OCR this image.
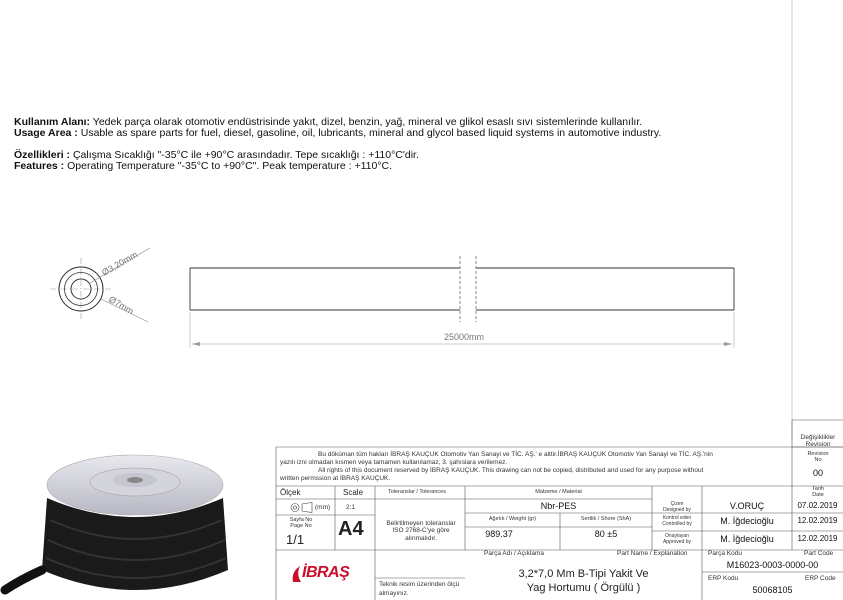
Kullanım Alanı: Yedek parça olarak otomotiv endüstrisinde yakıt, dizel, benzin, yağ, mineral ve glikol esaslı sıvı sistemlerinde kullanılır.
Usage Area : Usable as spare parts for fuel, diesel, gasoline, oil, lubricants, mineral and glycol based liquid systems in automotive industry.
Özellikleri : Çalışma Sıcaklığı "-35°C ile +90°C arasındadır. Tepe sıcaklığı : +110°C'dir.
Features : Operating Temperature "-35°C to +90°C". Peak temperature : +110°C.
Ø3,20mm
Ø7mm
25000mm
Değişiklikler
Revision
Revision
No
00
Tarih
Date
Bu döküman tüm hakları İBRAŞ KAUÇUK Otomotiv Yan Sanayi ve TİC. AŞ.' e aittir.İBRAŞ KAUÇUK Otomotiv Yan Sanayi ve TİC. AŞ.'nin
yazılı izni olmadan kısmen veya tamamen kullanılamaz, 3. şahıslara verilemez.
All rights of this document reserved by İBRAŞ KAUÇUK. This drawing can not be copied, distributed and used for any purpose without
written permssion at İBRAŞ KAUÇUK.
Ölçek	Scale
(mm) 2:1
Sayfa No
Page No
1/1 A4
Toleranslar / Tolerances
Belirtilmeyen toleranslar
ISO 2768-C'ye göre
alınmalıdır.
Malzeme / Material
Nbr-PES
Ağırlık / Weight (gr)	Sertlik / Shore (ShA)
989.37	80 ±5
Çizen
Designed by	V.ORUÇ	07.02.2019
Kontrol eden
Controlled by	M. İğdecioğlu	12.02.2019
Onaylayan
Approved by	M. İğdecioğlu	12.02.2019
Parça Adı / Açıklama	Part Name / Explanation
3,2*7,0 Mm B-Tipi Yakit Ve
Yag Hortumu ( Örgülü )
Parça Kodu	Part Code
M16023-0003-0000-00
ERP Kodu	ERP Code
50068105
Teknik resim üzerinden ölçü
almayınız.
İBRAŞ
